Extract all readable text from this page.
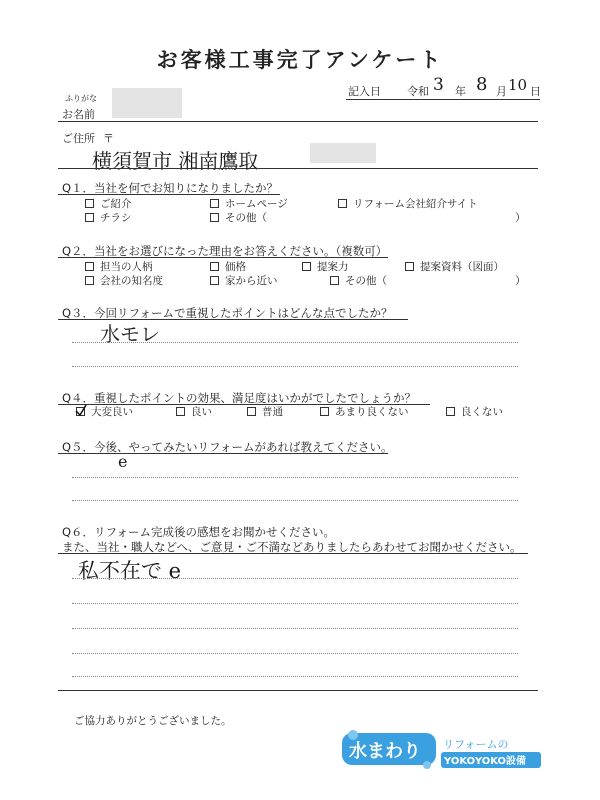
お客様工事完了アンケート
記入日 令和 3 年 8 月 10 日
ふりがな
お名前
ご住所 〒
横須賀市 湘南鷹取
Q１．当社を何でお知りになりましたか？
ご紹介	ホームページ	リフォーム会社紹介サイト
チラシ	その他（	）
Q２．当社をお選びになった理由をお答えください。（複数可）
担当の人柄	価格	提案力	提案資料（図面）
会社の知名度	家から近い	その他（	）
Q３．今回リフォームで重視したポイントはどんな点でしたか？
水モレ
Q４．重視したポイントの効果、満足度はいかがでしたでしょうか？
大変良い	良い	普通	あまり良くない	良くない
Q５．今後、やってみたいリフォームがあれば教えてください。
e
Q６．リフォーム完成後の感想をお聞かせください。
また、当社・職人などへ、ご意見・ご不満などありましたらあわせてお聞かせください。
私不在で e
ご協力ありがとうございました。
水まわり リフォームの
YOKOYOKO設備
